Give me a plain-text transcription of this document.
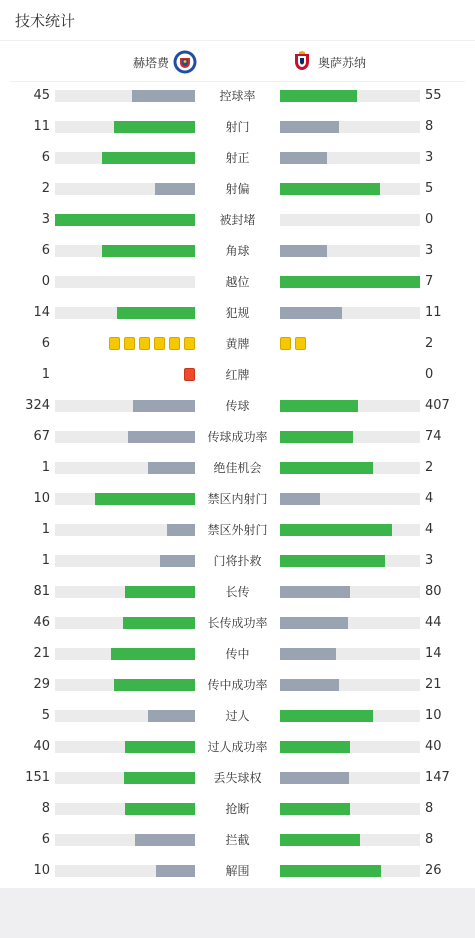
技术统计
赫塔费	奥萨苏纳
45	控球率	55
11	射门	8
6	射正	3
2	射偏	5
3	被封堵	0
6	角球	3
0	越位	7
14	犯规	11
6	黄牌	2
1	红牌	0
324	传球	407
67	传球成功率	74
1	绝佳机会	2
10	禁区内射门	4
1	禁区外射门	4
1	门将扑救	3
81	长传	80
46	长传成功率	44
21	传中	14
29	传中成功率	21
5	过人	10
40	过人成功率	40
151	丢失球权	147
8	抢断	8
6	拦截	8
10	解围	26
